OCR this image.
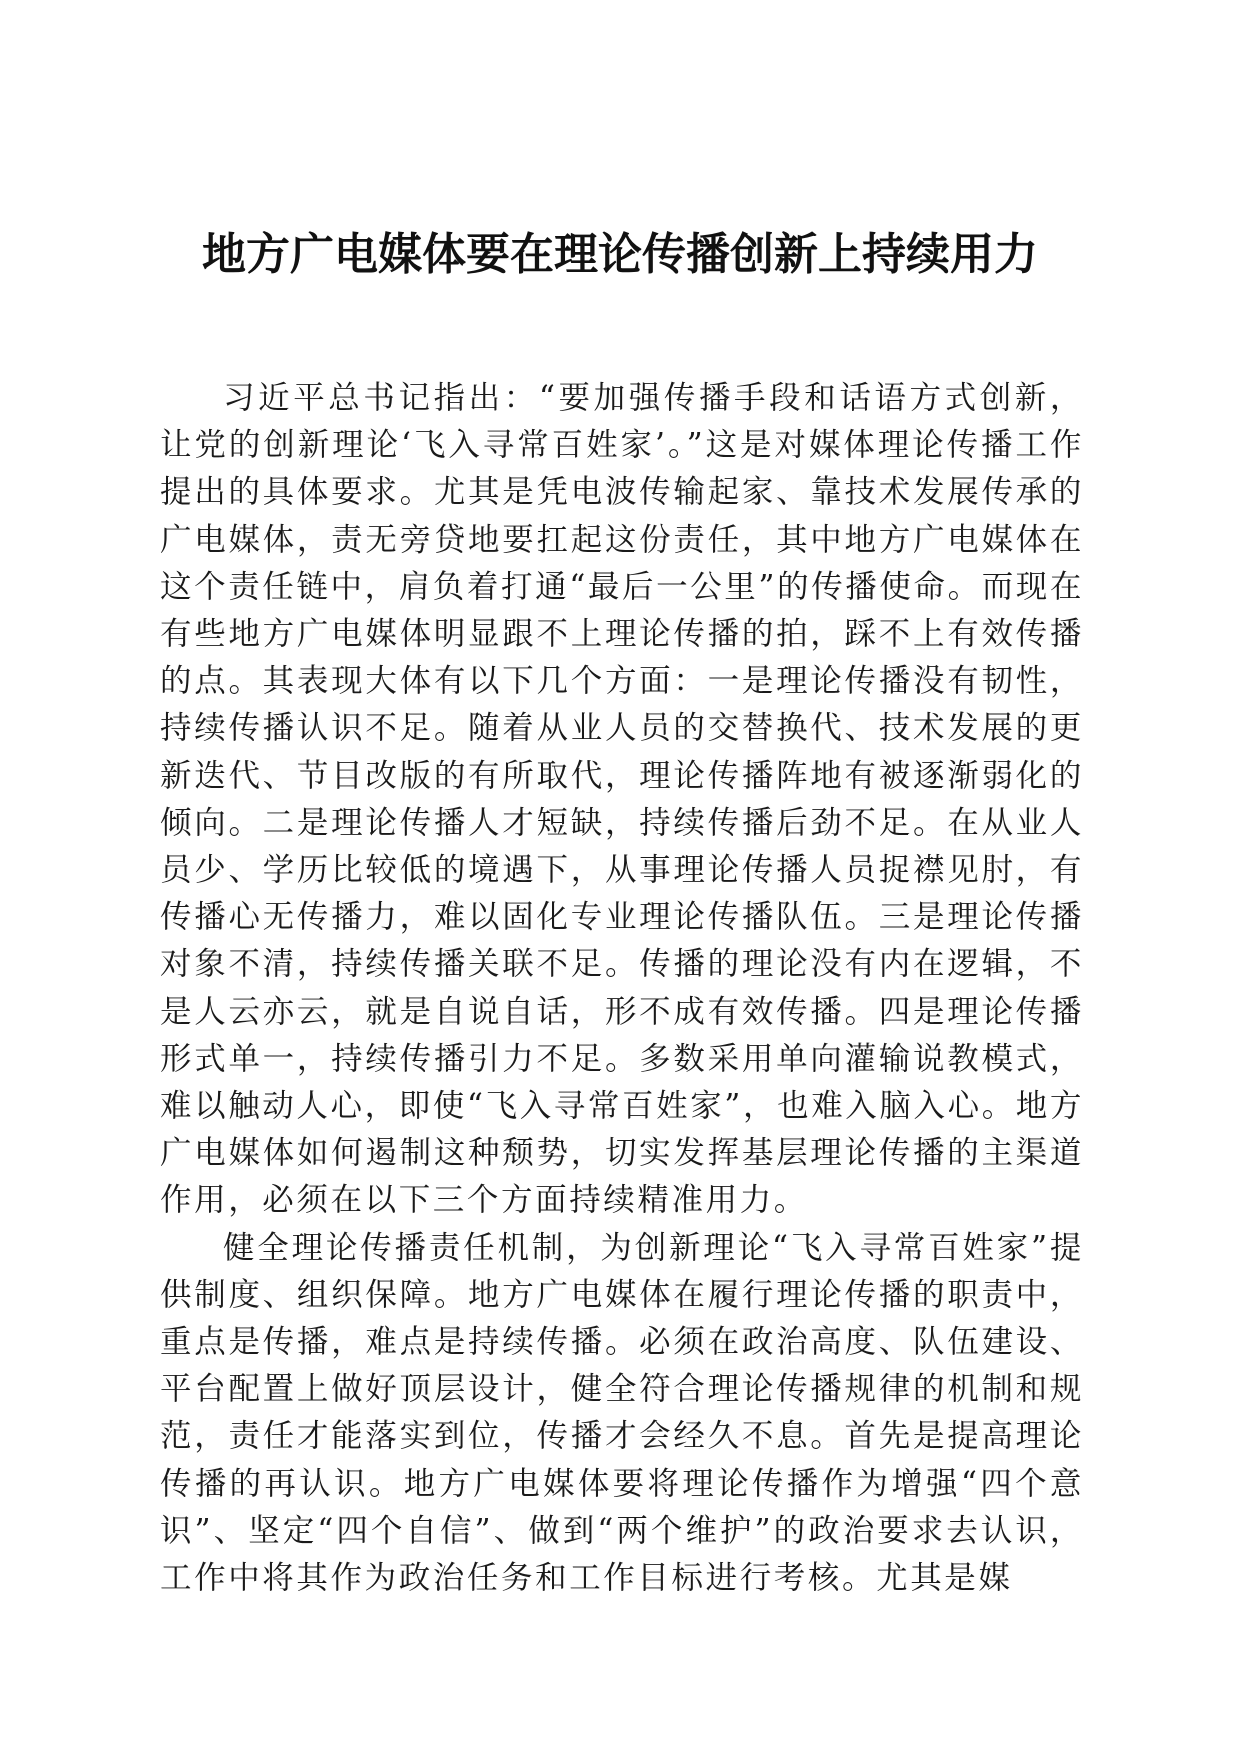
地方广电媒体要在理论传播创新上持续用力

习近平总书记指出：“要加强传播手段和话语方式创新，让党的创新理论‘飞入寻常百姓家’。”这是对媒体理论传播工作提出的具体要求。尤其是凭电波传输起家、靠技术发展传承的广电媒体，责无旁贷地要扛起这份责任，其中地方广电媒体在这个责任链中，肩负着打通“最后一公里”的传播使命。而现在有些地方广电媒体明显跟不上理论传播的拍，踩不上有效传播的点。其表现大体有以下几个方面：一是理论传播没有韧性，持续传播认识不足。随着从业人员的交替换代、技术发展的更新迭代、节目改版的有所取代，理论传播阵地有被逐渐弱化的倾向。二是理论传播人才短缺，持续传播后劲不足。在从业人员少、学历比较低的境遇下，从事理论传播人员捉襟见肘，有传播心无传播力，难以固化专业理论传播队伍。三是理论传播对象不清，持续传播关联不足。传播的理论没有内在逻辑，不是人云亦云，就是自说自话，形不成有效传播。四是理论传播形式单一，持续传播引力不足。多数采用单向灌输说教模式，难以触动人心，即使“飞入寻常百姓家”，也难入脑入心。地方广电媒体如何遏制这种颓势，切实发挥基层理论传播的主渠道作用，必须在以下三个方面持续精准用力。

健全理论传播责任机制，为创新理论“飞入寻常百姓家”提供制度、组织保障。地方广电媒体在履行理论传播的职责中，重点是传播，难点是持续传播。必须在政治高度、队伍建设、平台配置上做好顶层设计，健全符合理论传播规律的机制和规范，责任才能落实到位，传播才会经久不息。首先是提高理论传播的再认识。地方广电媒体要将理论传播作为增强“四个意识”、坚定“四个自信”、做到“两个维护”的政治要求去认识，工作中将其作为政治任务和工作目标进行考核。尤其是媒
